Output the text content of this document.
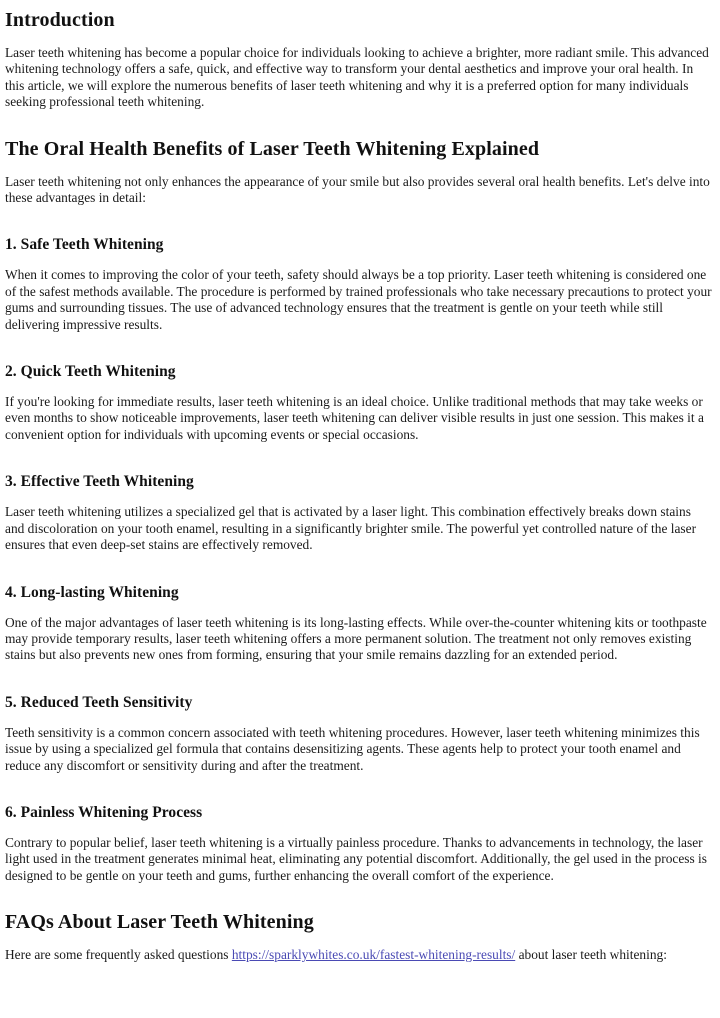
Introduction

Laser teeth whitening has become a popular choice for individuals looking to achieve a brighter, more radiant smile. This advanced whitening technology offers a safe, quick, and effective way to transform your dental aesthetics and improve your oral health. In this article, we will explore the numerous benefits of laser teeth whitening and why it is a preferred option for many individuals seeking professional teeth whitening.

The Oral Health Benefits of Laser Teeth Whitening Explained

Laser teeth whitening not only enhances the appearance of your smile but also provides several oral health benefits. Let's delve into these advantages in detail:

1. Safe Teeth Whitening

When it comes to improving the color of your teeth, safety should always be a top priority. Laser teeth whitening is considered one of the safest methods available. The procedure is performed by trained professionals who take necessary precautions to protect your gums and surrounding tissues. The use of advanced technology ensures that the treatment is gentle on your teeth while still delivering impressive results.

2. Quick Teeth Whitening

If you're looking for immediate results, laser teeth whitening is an ideal choice. Unlike traditional methods that may take weeks or even months to show noticeable improvements, laser teeth whitening can deliver visible results in just one session. This makes it a convenient option for individuals with upcoming events or special occasions.

3. Effective Teeth Whitening

Laser teeth whitening utilizes a specialized gel that is activated by a laser light. This combination effectively breaks down stains and discoloration on your tooth enamel, resulting in a significantly brighter smile. The powerful yet controlled nature of the laser ensures that even deep-set stains are effectively removed.

4. Long-lasting Whitening

One of the major advantages of laser teeth whitening is its long-lasting effects. While over-the-counter whitening kits or toothpaste may provide temporary results, laser teeth whitening offers a more permanent solution. The treatment not only removes existing stains but also prevents new ones from forming, ensuring that your smile remains dazzling for an extended period.

5. Reduced Teeth Sensitivity

Teeth sensitivity is a common concern associated with teeth whitening procedures. However, laser teeth whitening minimizes this issue by using a specialized gel formula that contains desensitizing agents. These agents help to protect your tooth enamel and reduce any discomfort or sensitivity during and after the treatment.

6. Painless Whitening Process

Contrary to popular belief, laser teeth whitening is a virtually painless procedure. Thanks to advancements in technology, the laser light used in the treatment generates minimal heat, eliminating any potential discomfort. Additionally, the gel used in the process is designed to be gentle on your teeth and gums, further enhancing the overall comfort of the experience.

FAQs About Laser Teeth Whitening

Here are some frequently asked questions https://sparklywhites.co.uk/fastest-whitening-results/ about laser teeth whitening:
